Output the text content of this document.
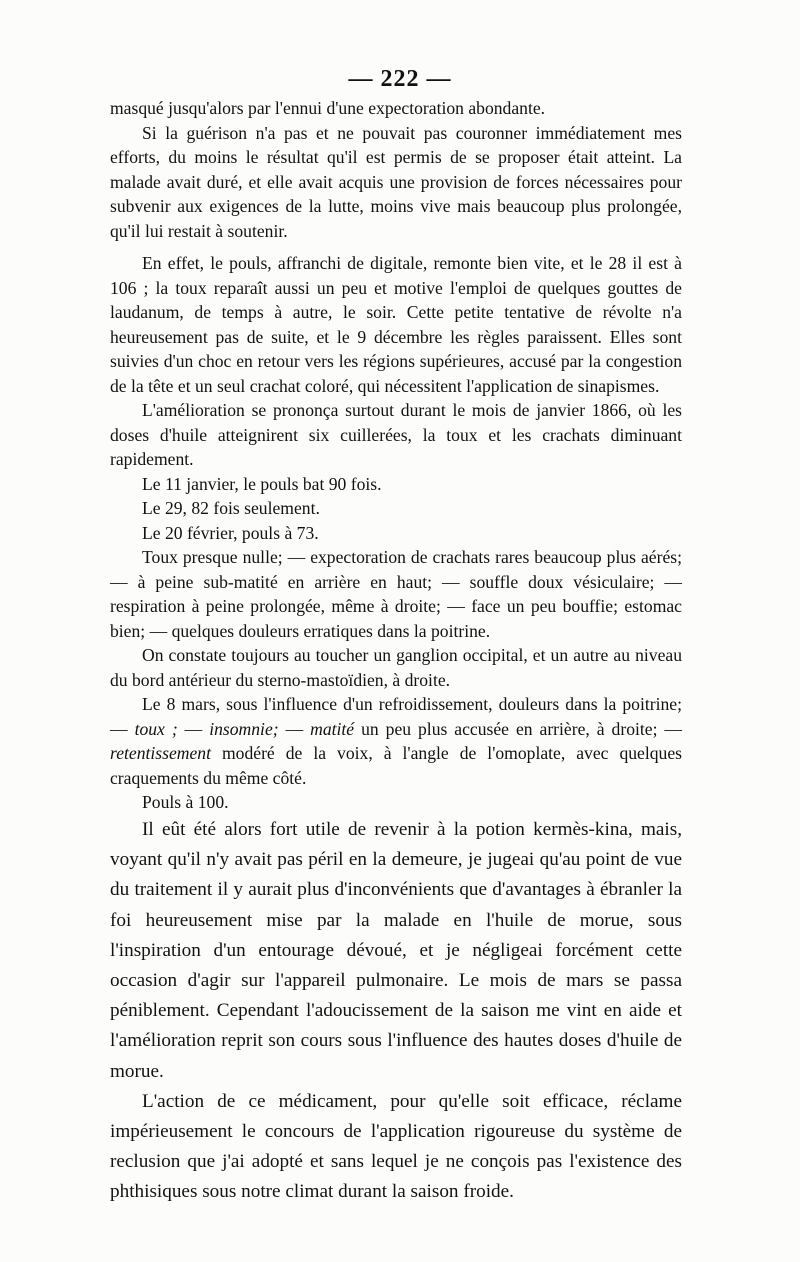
— 222 —

masqué jusqu'alors par l'ennui d'une expectoration abondante.

Si la guérison n'a pas et ne pouvait pas couronner immédiatement mes efforts, du moins le résultat qu'il est permis de se proposer était atteint. La malade avait duré, et elle avait acquis une provision de forces nécessaires pour subvenir aux exigences de la lutte, moins vive mais beaucoup plus prolongée, qu'il lui restait à soutenir.

En effet, le pouls, affranchi de digitale, remonte bien vite, et le 28 il est à 106 ; la toux reparaît aussi un peu et motive l'emploi de quelques gouttes de laudanum, de temps à autre, le soir. Cette petite tentative de révolte n'a heureusement pas de suite, et le 9 décembre les règles paraissent. Elles sont suivies d'un choc en retour vers les régions supérieures, accusé par la congestion de la tête et un seul crachat coloré, qui nécessitent l'application de sinapismes.

L'amélioration se prononça surtout durant le mois de janvier 1866, où les doses d'huile atteignirent six cuillerées, la toux et les crachats diminuant rapidement.

Le 11 janvier, le pouls bat 90 fois.

Le 29, 82 fois seulement.

Le 20 février, pouls à 73.

Toux presque nulle; — expectoration de crachats rares beaucoup plus aérés; — à peine sub-matité en arrière en haut; — souffle doux vésiculaire; — respiration à peine prolongée, même à droite; — face un peu bouffie; estomac bien; — quelques douleurs erratiques dans la poitrine.

On constate toujours au toucher un ganglion occipital, et un autre au niveau du bord antérieur du sterno-mastoïdien, à droite.

Le 8 mars, sous l'influence d'un refroidissement, douleurs dans la poitrine; — toux ; — insomnie; — matité un peu plus accusée en arrière, à droite; — retentissement modéré de la voix, à l'angle de l'omoplate, avec quelques craquements du même côté.

Pouls à 100.

Il eût été alors fort utile de revenir à la potion kermès-kina, mais, voyant qu'il n'y avait pas péril en la demeure, je jugeai qu'au point de vue du traitement il y aurait plus d'inconvénients que d'avantages à ébranler la foi heureusement mise par la malade en l'huile de morue, sous l'inspiration d'un entourage dévoué, et je négligeai forcément cette occasion d'agir sur l'appareil pulmonaire. Le mois de mars se passa péniblement. Cependant l'adoucissement de la saison me vint en aide et l'amélioration reprit son cours sous l'influence des hautes doses d'huile de morue.

L'action de ce médicament, pour qu'elle soit efficace, réclame impérieusement le concours de l'application rigoureuse du système de reclusion que j'ai adopté et sans lequel je ne conçois pas l'existence des phthisiques sous notre climat durant la saison froide.
